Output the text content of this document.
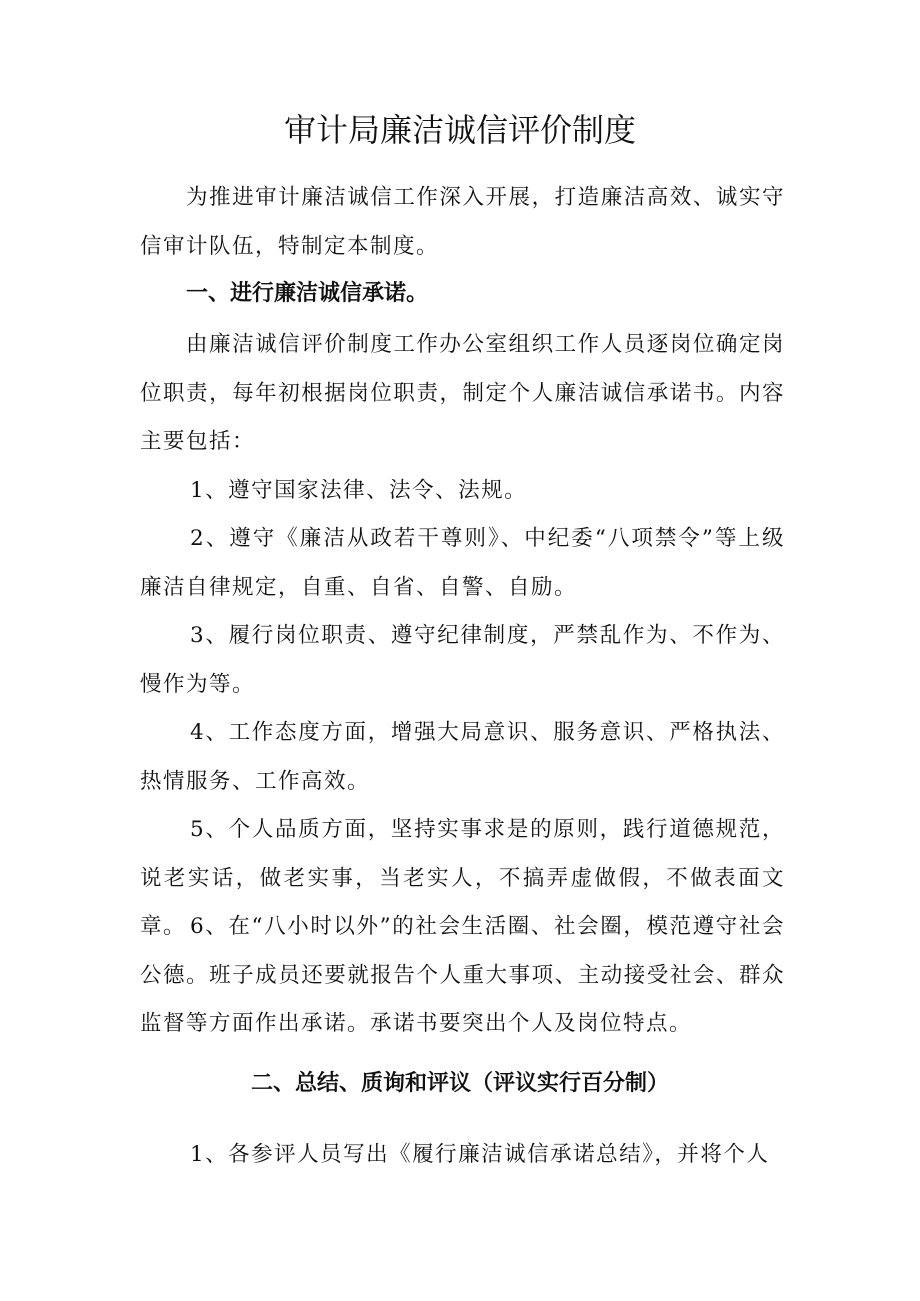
审计局廉洁诚信评价制度

为推进审计廉洁诚信工作深入开展，打造廉洁高效、诚实守信审计队伍，特制定本制度。

一、进行廉洁诚信承诺。

由廉洁诚信评价制度工作办公室组织工作人员逐岗位确定岗位职责，每年初根据岗位职责，制定个人廉洁诚信承诺书。内容主要包括：

1、遵守国家法律、法令、法规。

2、遵守《廉洁从政若干尊则》、中纪委“八项禁令”等上级廉洁自律规定，自重、自省、自警、自励。

3、履行岗位职责、遵守纪律制度，严禁乱作为、不作为、慢作为等。

4、工作态度方面，增强大局意识、服务意识、严格执法、热情服务、工作高效。

5、个人品质方面，坚持实事求是的原则，践行道德规范，说老实话，做老实事，当老实人，不搞弄虚做假，不做表面文章。 6、在“八小时以外”的社会生活圈、社会圈，模范遵守社会公德。班子成员还要就报告个人重大事项、主动接受社会、群众监督等方面作出承诺。承诺书要突出个人及岗位特点。

二、总结、质询和评议（评议实行百分制）

1、各参评人员写出《履行廉洁诚信承诺总结》，并将个人
